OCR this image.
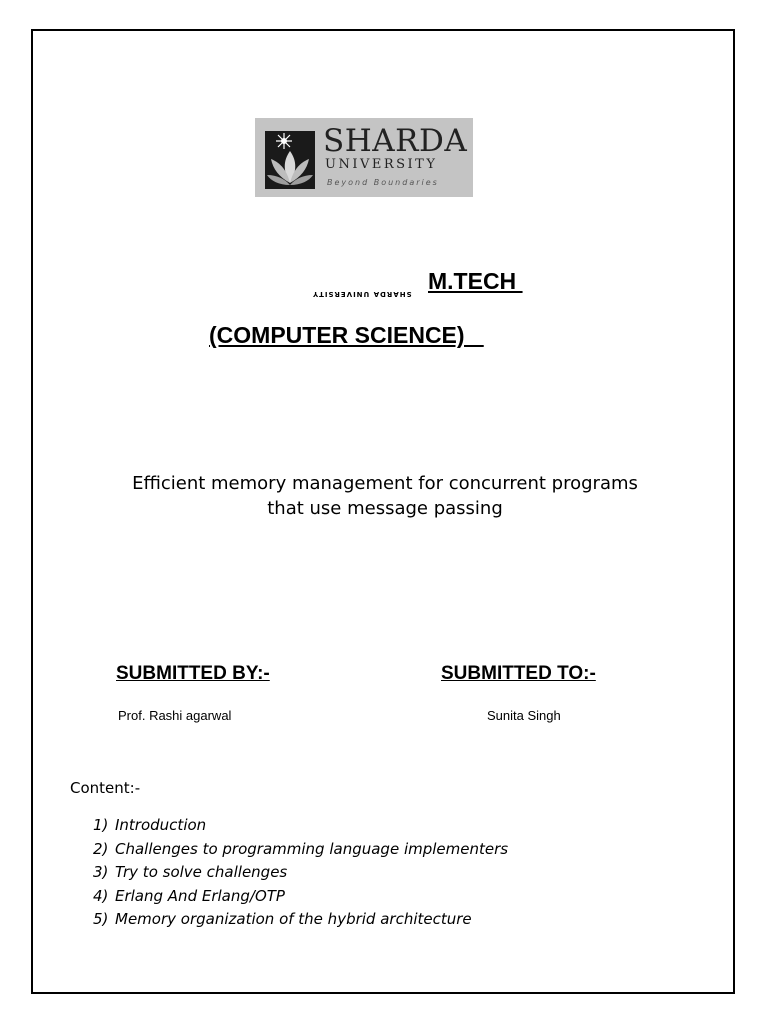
SHARDA
UNIVERSITY
Beyond Boundaries
SHARDA UNIVERSITY M.TECH
(COMPUTER SCIENCE)
Efficient memory management for concurrent programs
that use message passing
SUBMITTED BY:-	SUBMITTED TO:-
Prof. Rashi agarwal	Sunita Singh
Content:-
1) Introduction
2) Challenges to programming language implementers
3) Try to solve challenges
4) Erlang And Erlang/OTP
5) Memory organization of the hybrid architecture
